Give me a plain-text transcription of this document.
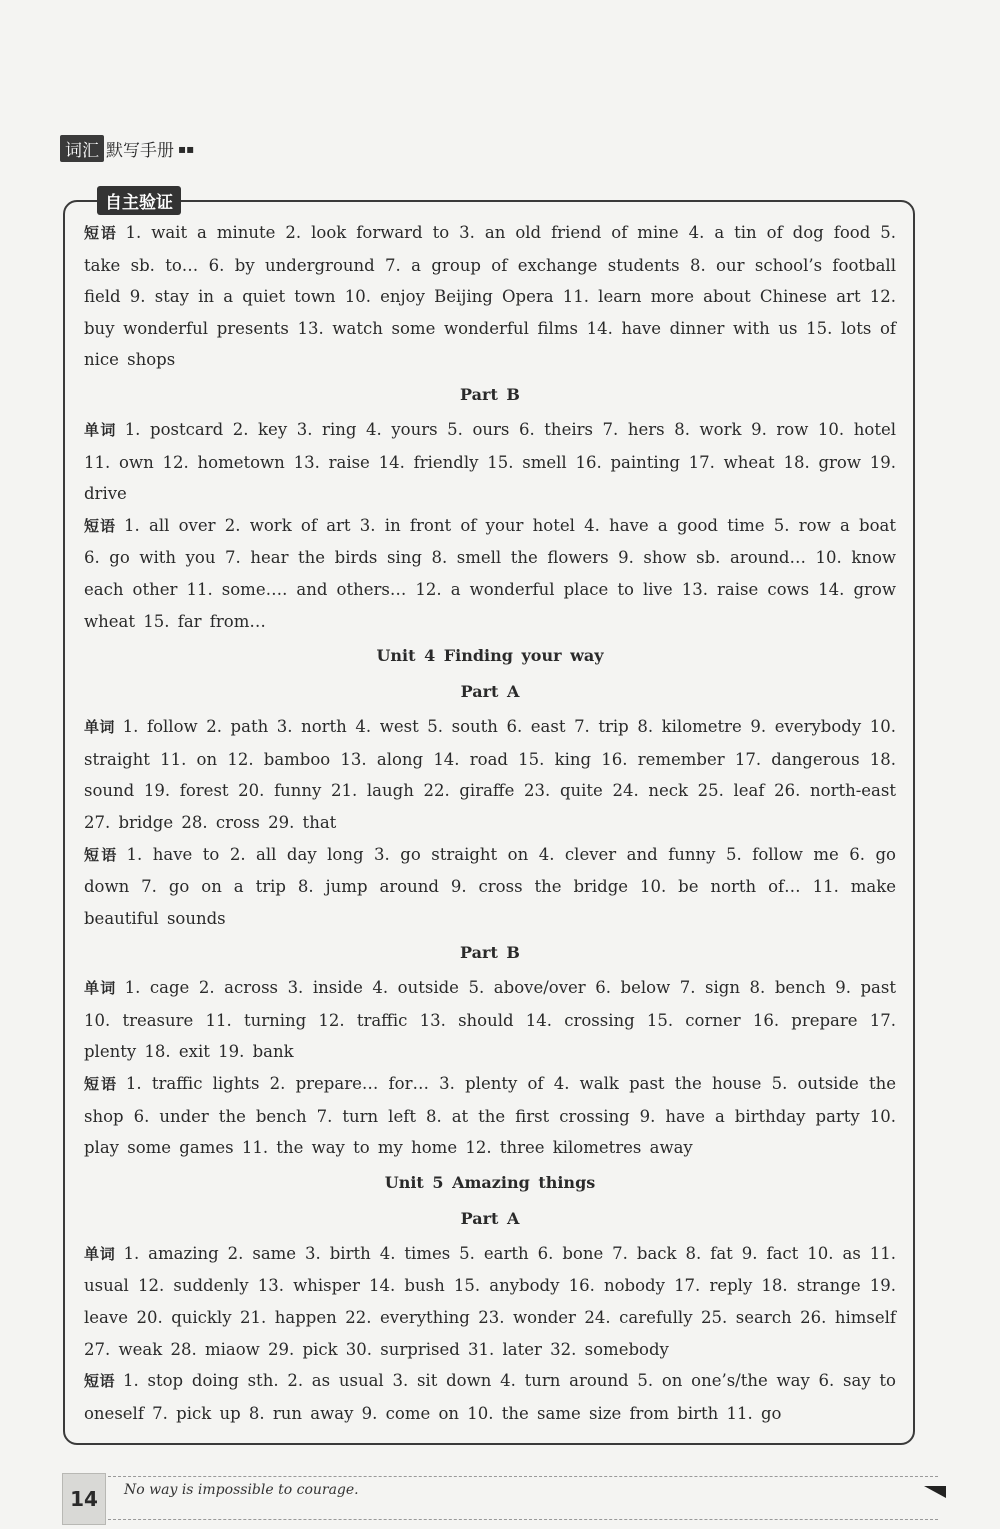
词汇 默写手册 ▪▪
自主验证

短语 1. wait a minute 2. look forward to 3. an old friend of mine 4. a tin of dog food 5. take sb. to… 6. by underground 7. a group of exchange students 8. our school’s football field 9. stay in a quiet town 10. enjoy Beijing Opera 11. learn more about Chinese art 12. buy wonderful presents 13. watch some wonderful films 14. have dinner with us 15. lots of nice shops

Part B

单词 1. postcard 2. key 3. ring 4. yours 5. ours 6. theirs 7. hers 8. work 9. row 10. hotel 11. own 12. hometown 13. raise 14. friendly 15. smell 16. painting 17. wheat 18. grow 19. drive

短语 1. all over 2. work of art 3. in front of your hotel 4. have a good time 5. row a boat 6. go with you 7. hear the birds sing 8. smell the flowers 9. show sb. around… 10. know each other 11. some…. and others… 12. a wonderful place to live 13. raise cows 14. grow wheat 15. far from…

Unit 4 Finding your way
Part A

单词 1. follow 2. path 3. north 4. west 5. south 6. east 7. trip 8. kilometre 9. everybody 10. straight 11. on 12. bamboo 13. along 14. road 15. king 16. remember 17. dangerous 18. sound 19. forest 20. funny 21. laugh 22. giraffe 23. quite 24. neck 25. leaf 26. north-east 27. bridge 28. cross 29. that

短语 1. have to 2. all day long 3. go straight on 4. clever and funny 5. follow me 6. go down 7. go on a trip 8. jump around 9. cross the bridge 10. be north of… 11. make beautiful sounds

Part B

单词 1. cage 2. across 3. inside 4. outside 5. above/over 6. below 7. sign 8. bench 9. past 10. treasure 11. turning 12. traffic 13. should 14. crossing 15. corner 16. prepare 17. plenty 18. exit 19. bank

短语 1. traffic lights 2. prepare… for… 3. plenty of 4. walk past the house 5. outside the shop 6. under the bench 7. turn left 8. at the first crossing 9. have a birthday party 10. play some games 11. the way to my home 12. three kilometres away

Unit 5 Amazing things
Part A

单词 1. amazing 2. same 3. birth 4. times 5. earth 6. bone 7. back 8. fat 9. fact 10. as 11. usual 12. suddenly 13. whisper 14. bush 15. anybody 16. nobody 17. reply 18. strange 19. leave 20. quickly 21. happen 22. everything 23. wonder 24. carefully 25. search 26. himself 27. weak 28. miaow 29. pick 30. surprised 31. later 32. somebody

短语 1. stop doing sth. 2. as usual 3. sit down 4. turn around 5. on one’s/the way 6. say to oneself 7. pick up 8. run away 9. come on 10. the same size from birth 11. go

14	No way is impossible to courage.
